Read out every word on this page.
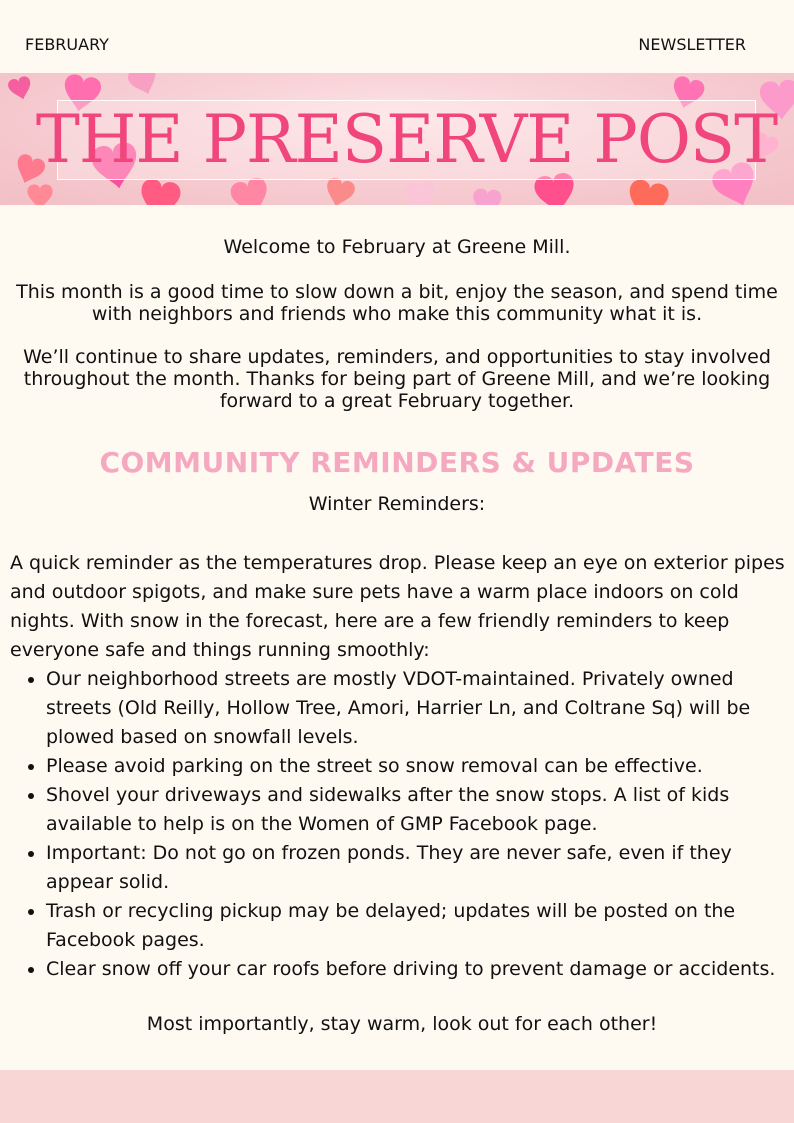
FEBRUARY	NEWSLETTER
THE PRESERVE POST
Welcome to February at Greene Mill.
This month is a good time to slow down a bit, enjoy the season, and spend time with neighbors and friends who make this community what it is.
We’ll continue to share updates, reminders, and opportunities to stay involved throughout the month. Thanks for being part of Greene Mill, and we’re looking forward to a great February together.
COMMUNITY REMINDERS & UPDATES
Winter Reminders:

A quick reminder as the temperatures drop. Please keep an eye on exterior pipes and outdoor spigots, and make sure pets have a warm place indoors on cold nights. With snow in the forecast, here are a few friendly reminders to keep everyone safe and things running smoothly:

• Our neighborhood streets are mostly VDOT-maintained. Privately owned streets (Old Reilly, Hollow Tree, Amori, Harrier Ln, and Coltrane Sq) will be plowed based on snowfall levels.
• Please avoid parking on the street so snow removal can be effective.
• Shovel your driveways and sidewalks after the snow stops. A list of kids available to help is on the Women of GMP Facebook page.
• Important: Do not go on frozen ponds. They are never safe, even if they appear solid.
• Trash or recycling pickup may be delayed; updates will be posted on the Facebook pages.
• Clear snow off your car roofs before driving to prevent damage or accidents.
Most importantly, stay warm, look out for each other!
